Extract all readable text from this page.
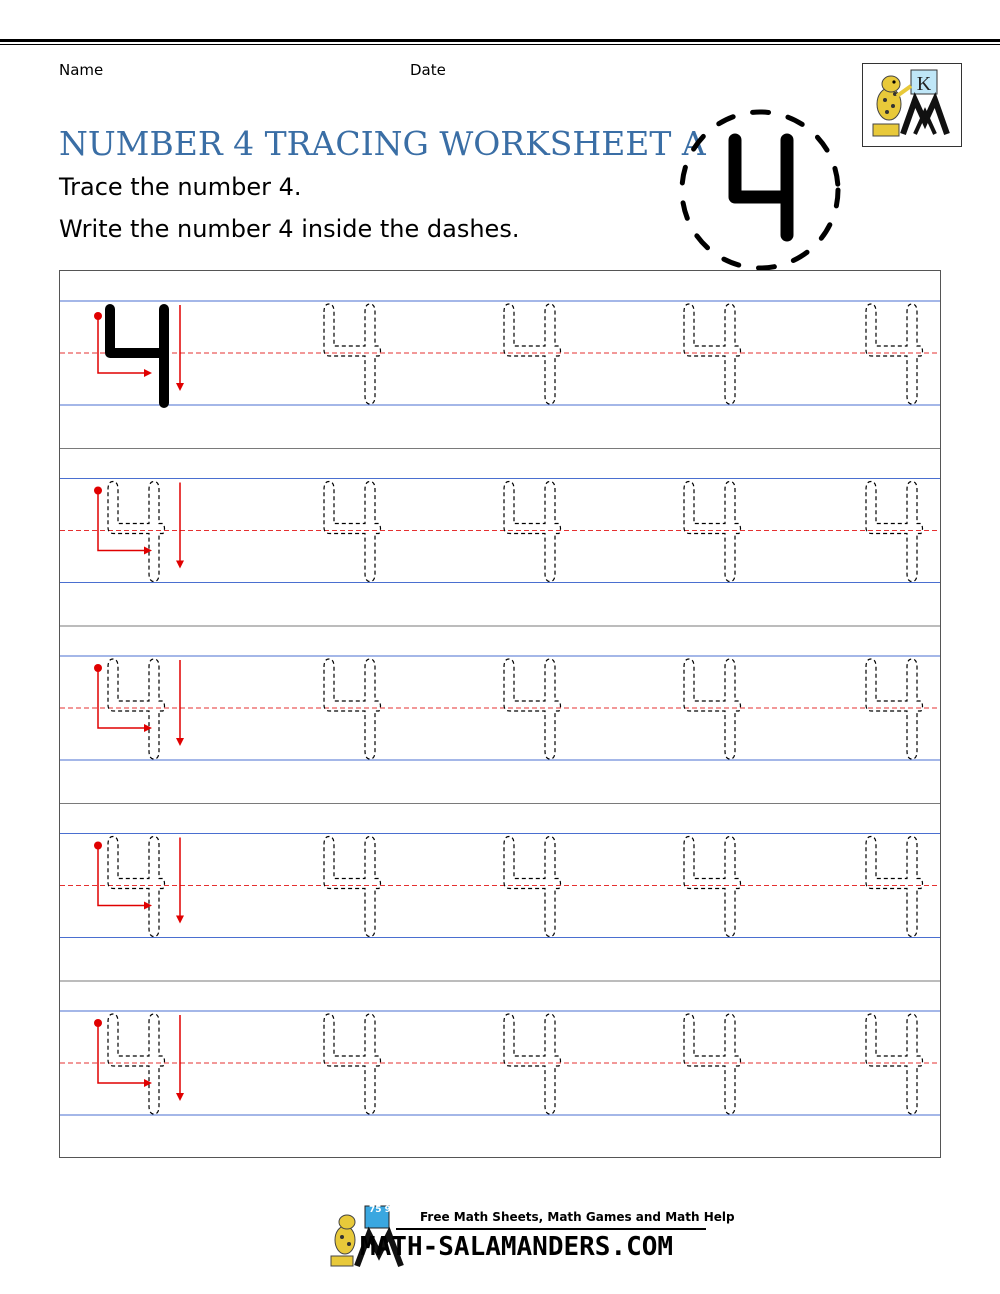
Name	Date
K
NUMBER 4 TRACING WORKSHEET A
Trace the number 4.
Write the number 4 inside the dashes.
75 93 Free Math Sheets, Math Games and Math Help
MATH-SALAMANDERS.COM
